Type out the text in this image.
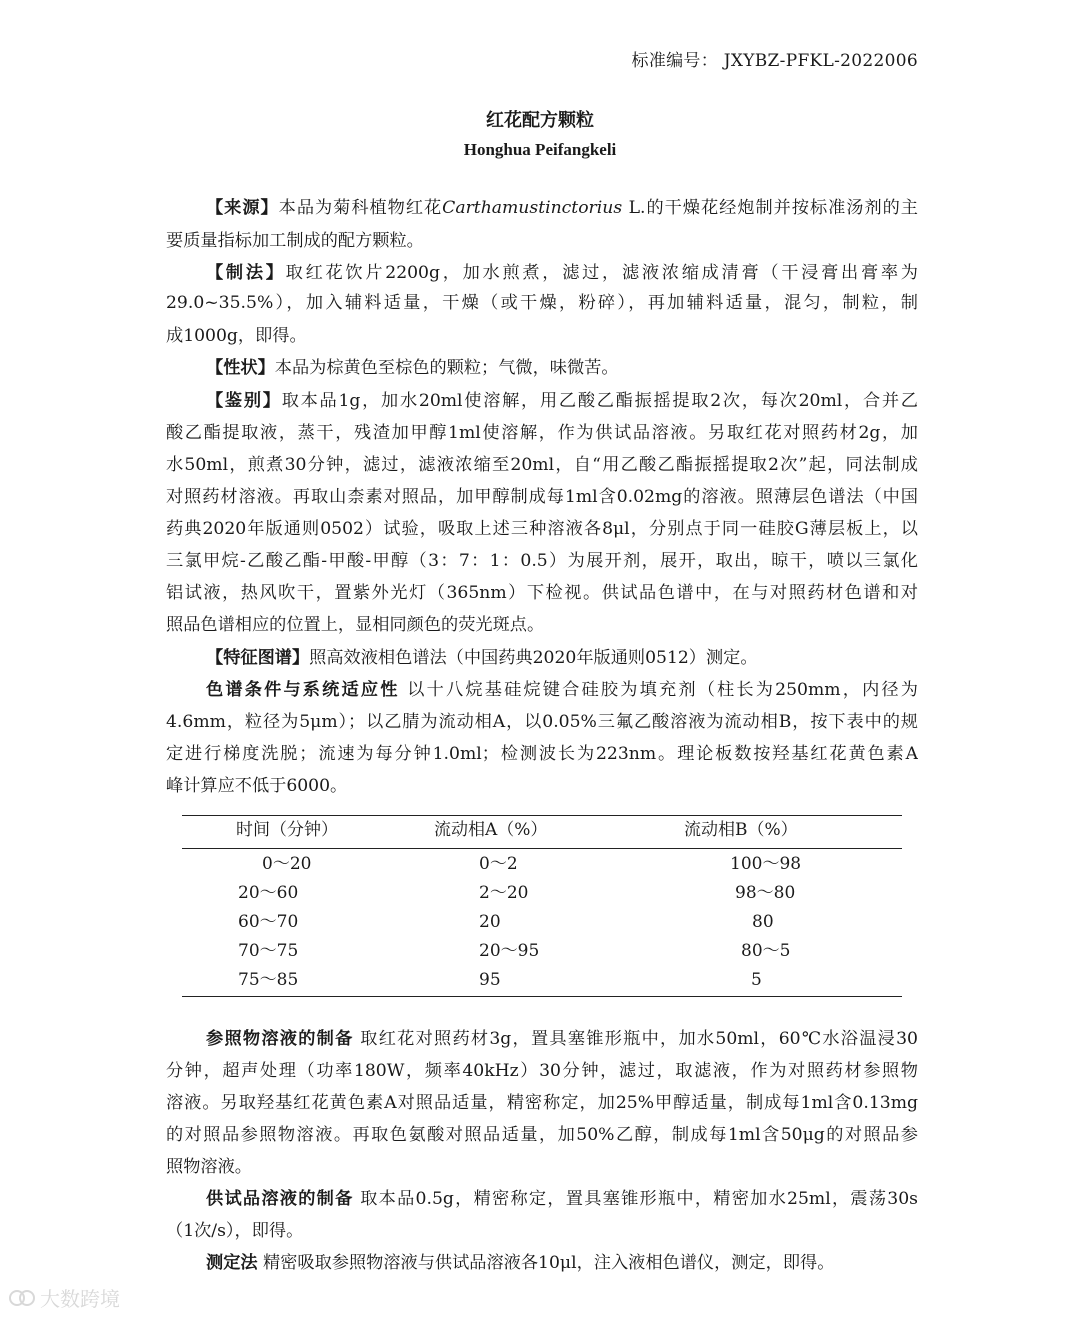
标准编号： JXYBZ-PFKL-2022006
红花配方颗粒
Honghua Peifangkeli
【来源】本品为菊科植物红花Carthamustinctorius L.的干燥花经炮制并按标准汤剂的主
要质量指标加工制成的配方颗粒。
【制法】取红花饮片2200g，加水煎煮，滤过，滤液浓缩成清膏（干浸膏出膏率为
29.0~35.5%），加入辅料适量，干燥（或干燥，粉碎），再加辅料适量，混匀，制粒，制
成1000g，即得。
【性状】本品为棕黄色至棕色的颗粒；气微，味微苦。
【鉴别】取本品1g，加水20ml使溶解，用乙酸乙酯振摇提取2次，每次20ml，合并乙
酸乙酯提取液，蒸干，残渣加甲醇1ml使溶解，作为供试品溶液。另取红花对照药材2g，加
水50ml，煎煮30分钟，滤过，滤液浓缩至20ml，自“用乙酸乙酯振摇提取2次”起，同法制成
对照药材溶液。再取山柰素对照品，加甲醇制成每1ml含0.02mg的溶液。照薄层色谱法（中国
药典2020年版通则0502）试验，吸取上述三种溶液各8μl，分别点于同一硅胶G薄层板上，以
三氯甲烷-乙酸乙酯-甲酸-甲醇（3：7：1：0.5）为展开剂，展开，取出，晾干，喷以三氯化
铝试液，热风吹干，置紫外光灯（365nm）下检视。供试品色谱中，在与对照药材色谱和对
照品色谱相应的位置上，显相同颜色的荧光斑点。
【特征图谱】照高效液相色谱法（中国药典2020年版通则0512）测定。
色谱条件与系统适应性 以十八烷基硅烷键合硅胶为填充剂（柱长为250mm，内径为
4.6mm，粒径为5μm）；以乙腈为流动相A，以0.05%三氟乙酸溶液为流动相B，按下表中的规
定进行梯度洗脱；流速为每分钟1.0ml；检测波长为223nm。理论板数按羟基红花黄色素A
峰计算应不低于6000。
时间（分钟）	流动相A（%）	流动相B（%）
0～20	0～2	100～98
20～60	2～20	98～80
60～70	20	80
70～75	20～95	80～5
75～85	95	5
参照物溶液的制备 取红花对照药材3g，置具塞锥形瓶中，加水50ml，60℃水浴温浸30
分钟，超声处理（功率180W，频率40kHz）30分钟，滤过，取滤液，作为对照药材参照物
溶液。另取羟基红花黄色素A对照品适量，精密称定，加25%甲醇适量，制成每1ml含0.13mg
的对照品参照物溶液。再取色氨酸对照品适量，加50%乙醇，制成每1ml含50μg的对照品参
照物溶液。
供试品溶液的制备 取本品0.5g，精密称定，置具塞锥形瓶中，精密加水25ml，震荡30s
（1次/s），即得。
测定法 精密吸取参照物溶液与供试品溶液各10μl，注入液相色谱仪，测定，即得。
大数跨境
